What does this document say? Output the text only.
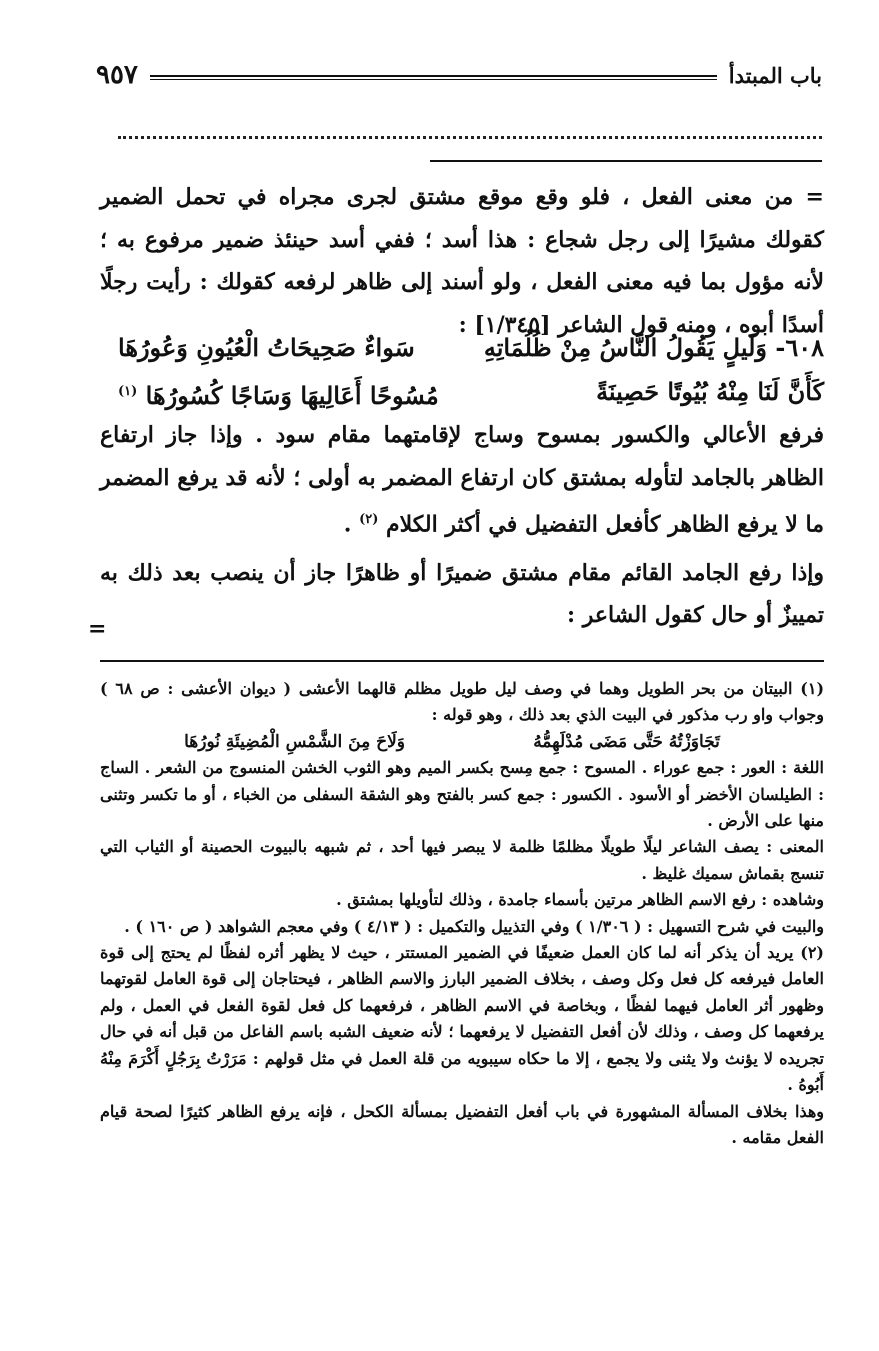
باب المبتدأ
٩٥٧

= من معنى الفعل ، فلو وقع موقع مشتق لجرى مجراه في تحمل الضمير كقولك مشيرًا إلى رجل شجاع : هذا أسد ؛ ففي أسد حينئذ ضمير مرفوع به ؛ لأنه مؤول بما فيه معنى الفعل ، ولو أسند إلى ظاهر لرفعه كقولك : رأيت رجلًا أسدًا أبوه ، ومنه قول الشاعر [١/٣٤٥] :

٦٠٨- وَلَيلٍ يَقُولُ النَّاسُ مِنْ ظُلُمَاتِهِ
سَواءٌ صَحِيحَاتُ الْعُيُونِ وَعُورُهَا
كَأَنَّ لَنَا مِنْهُ بُيُوتًا حَصِينَةً
مُسُوحًا أَعَالِيهَا وَسَاجًا كُسُورُهَا $^{(١)}$

فرفع الأعالي والكسور بمسوح وساج لإقامتهما مقام سود . وإذا جاز ارتفاع الظاهر بالجامد لتأوله بمشتق كان ارتفاع المضمر به أولى ؛ لأنه قد يرفع المضمر ما لا يرفع الظاهر كأفعل التفضيل في أكثر الكلام $^{(٢)}$ .

وإذا رفع الجامد القائم مقام مشتق ضميرًا أو ظاهرًا جاز أن ينصب بعد ذلك به تمييزٌ أو حال كقول الشاعر :

=

(١) البيتان من بحر الطويل وهما في وصف ليل طويل مظلم قالهما الأعشى ( ديوان الأعشى : ص ٦٨ ) وجواب واو رب مذكور في البيت الذي بعد ذلك ، وهو قوله :

تَجَاوَزْتُهُ حَتَّى مَضَى مُدْلَهِمُّهُ
وَلَاحَ مِنَ الشَّمْسِ الْمُضِيئَةِ نُورُهَا

اللغة : العور : جمع عوراء . المسوح : جمع مِسح بكسر الميم وهو الثوب الخشن المنسوج من الشعر . الساج : الطيلسان الأخضر أو الأسود . الكسور : جمع كسر بالفتح وهو الشقة السفلى من الخباء ، أو ما تكسر وتثنى منها على الأرض .

المعنى : يصف الشاعر ليلًا طويلًا مظلمًا ظلمة لا يبصر فيها أحد ، ثم شبهه بالبيوت الحصينة أو الثياب التي تنسج بقماش سميك غليظ .

وشاهده : رفع الاسم الظاهر مرتين بأسماء جامدة ، وذلك لتأويلها بمشتق .

والبيت في شرح التسهيل : ( ١/٣٠٦ ) وفي التذييل والتكميل : ( ٤/١٣ ) وفي معجم الشواهد ( ص ١٦٠ ) .

(٢) يريد أن يذكر أنه لما كان العمل ضعيفًا في الضمير المستتر ، حيث لا يظهر أثره لفظًا لم يحتج إلى قوة العامل فيرفعه كل فعل وكل وصف ، بخلاف الضمير البارز والاسم الظاهر ، فيحتاجان إلى قوة العامل لقوتهما وظهور أثر العامل فيهما لفظًا ، وبخاصة في الاسم الظاهر ، فرفعهما كل فعل لقوة الفعل في العمل ، ولم يرفعهما كل وصف ، وذلك لأن أفعل التفضيل لا يرفعهما ؛ لأنه ضعيف الشبه باسم الفاعل من قبل أنه في حال تجريده لا يؤنث ولا يثنى ولا يجمع ، إلا ما حكاه سيبويه من قلة العمل في مثل قولهم : مَرَرْتُ بِرَجُلٍ أَكْرَمَ مِنْهُ أَبُوهُ .

وهذا بخلاف المسألة المشهورة في باب أفعل التفضيل بمسألة الكحل ، فإنه يرفع الظاهر كثيرًا لصحة قيام الفعل مقامه .
